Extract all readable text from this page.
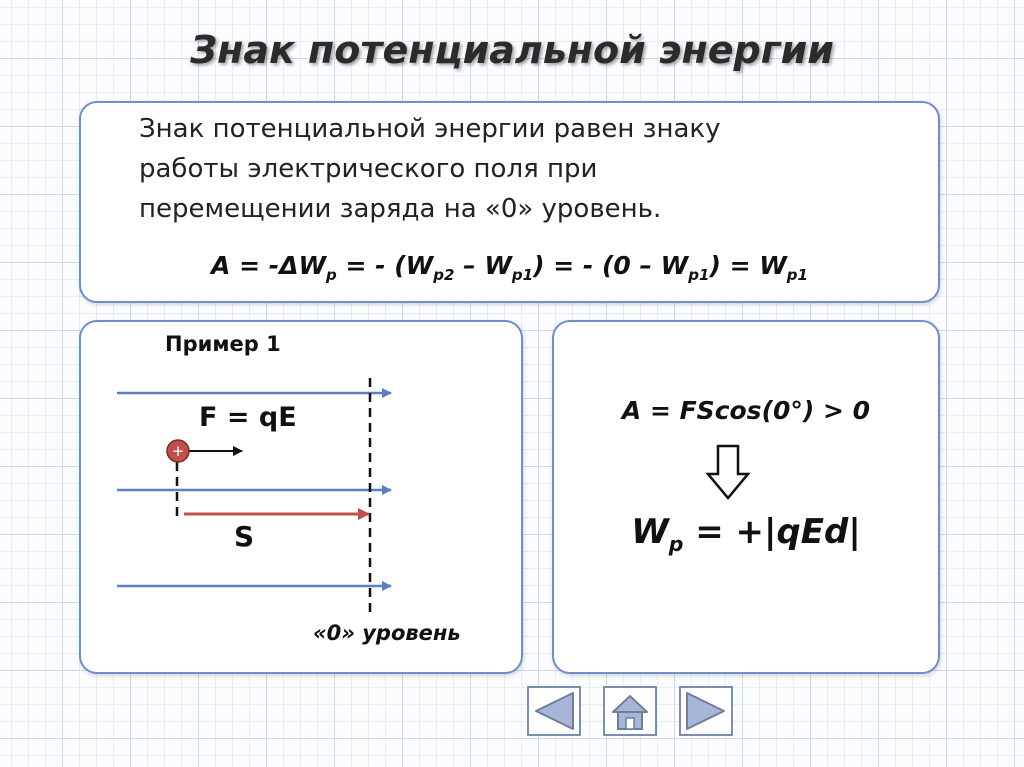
Знак потенциальной энергии
Знак потенциальной энергии равен знаку
работы электрического поля при
перемещении заряда на «0» уровень.
$A = -\Delta W_p$ = - $(W_{p2} - W_{p1})$ = - $(0 - W_{p1}) = W_{p1}$
Пример 1
+
F = qE
S
«0» уровень
A = FScos(0°) > 0
$W_p = +|qEd|$
